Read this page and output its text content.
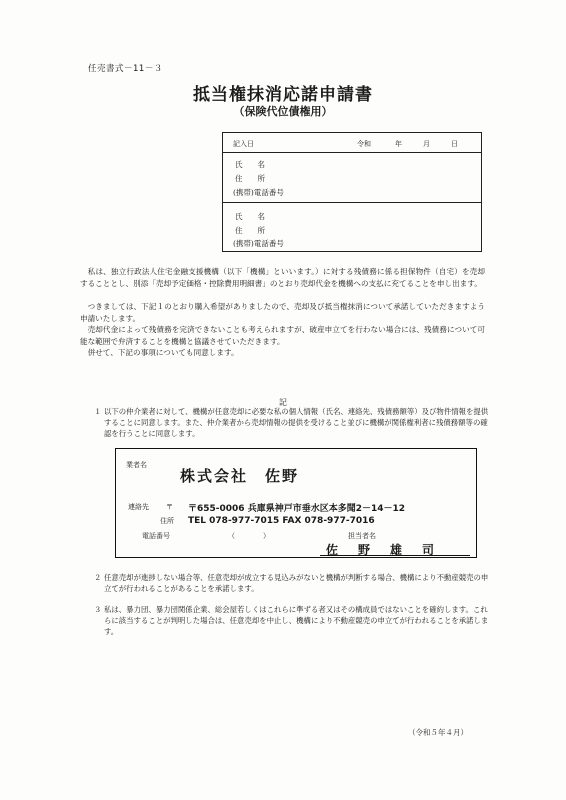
任売書式－11－３
抵当権抹消応諾申請書
（保険代位債権用）
記入日	令和	年	月	日
氏　　名
住　　所
(携帯)電話番号
氏　　名
住　　所
(携帯)電話番号
　私は、独立行政法人住宅金融支援機構（以下「機構」といいます。）に対する残債務に係る担保物件（自宅）を売却することとし、別添「売却予定価格・控除費用明細書」のとおり売却代金を機構への支払に充てることを申し出ます。
　つきましては、下記１のとおり購入希望がありましたので、売却及び抵当権抹消について承諾していただきますよう申請いたします。
　売却代金によって残債務を完済できないことも考えられますが、破産申立てを行わない場合には、残債務について可能な範囲で弁済することを機構と協議させていただきます。
　併せて、下記の事項についても同意します。
記
１ 以下の仲介業者に対して、機構が任意売却に必要な私の個人情報（氏名、連絡先、残債務額等）及び物件情報を提供することに同意します。また、仲介業者から売却情報の提供を受けること並びに機構が関係権利者に残債務額等の確認を行うことに同意します。
業者名
株式会社　佐野
連絡先 〒 〒655-0006 兵庫県神戸市垂水区本多聞2－14－12
住所 TEL 078-977-7015 FAX 078-977-7016
電話番号	（　　　　）	担当者名
佐　野　雄　司
２ 任意売却が進捗しない場合等、任意売却が成立する見込みがないと機構が判断する場合、機構により不動産競売の申立てが行われることがあることを承諾します。
３ 私は、暴力団、暴力団関係企業、総会屋若しくはこれらに準ずる者又はその構成員ではないことを確約します。これらに該当することが判明した場合は、任意売却を中止し、機構により不動産競売の申立てが行われることを承諾します。
（令和５年４月）
